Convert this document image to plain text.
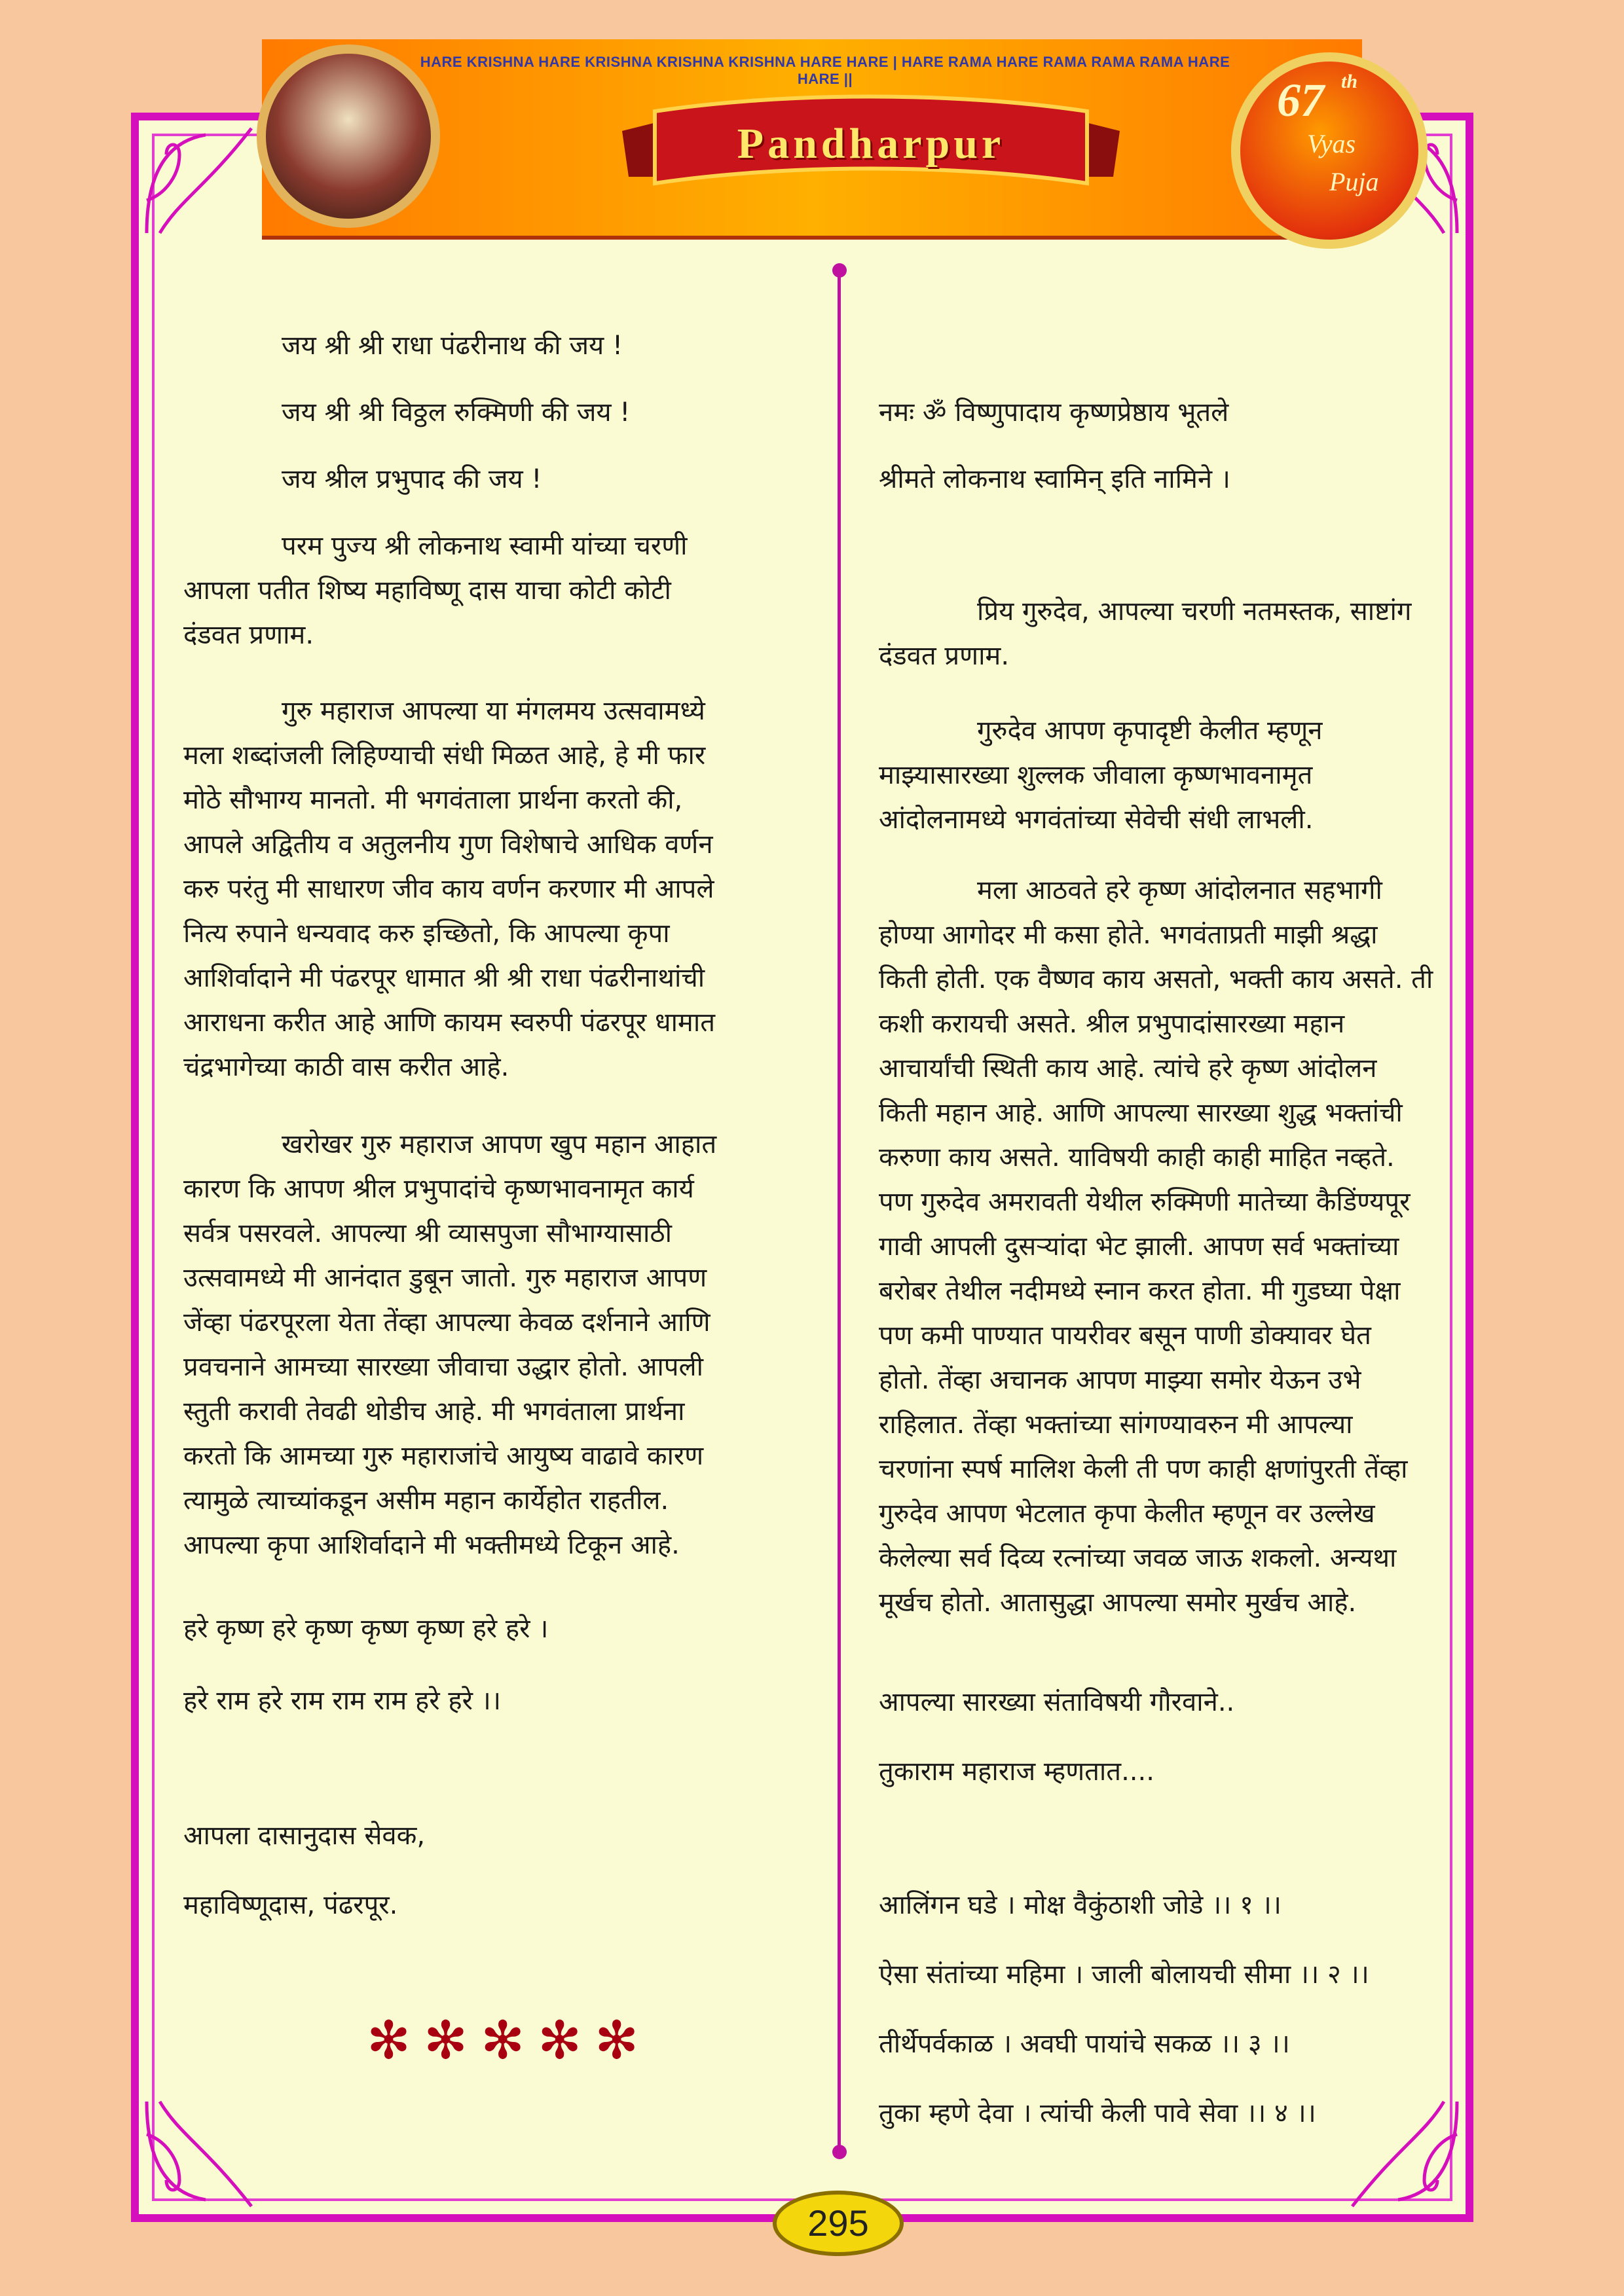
HARE KRISHNA HARE KRISHNA KRISHNA KRISHNA HARE HARE | HARE RAMA HARE RAMA RAMA RAMA HARE HARE ||
Pandharpur
67 th
Vyas
Puja
जय श्री श्री राधा पंढरीनाथ की जय !
जय श्री श्री विठ्ठल रुक्मिणी की जय !
जय श्रील प्रभुपाद की जय !

परम पुज्य श्री लोकनाथ स्वामी यांच्या चरणी

आपला पतीत शिष्य महाविष्णू दास याचा कोटी कोटी

दंडवत प्रणाम.

गुरु महाराज आपल्या या मंगलमय उत्सवामध्ये

मला शब्दांजली लिहिण्याची संधी मिळत आहे, हे मी फार

मोठे सौभाग्य मानतो. मी भगवंताला प्रार्थना करतो की,

आपले अद्वितीय व अतुलनीय गुण विशेषाचे आधिक वर्णन

करु परंतु मी साधारण जीव काय वर्णन करणार मी आपले

नित्य रुपाने धन्यवाद करु इच्छितो, कि आपल्या कृपा

आशिर्वादाने मी पंढरपूर धामात श्री श्री राधा पंढरीनाथांची

आराधना करीत आहे आणि कायम स्वरुपी पंढरपूर धामात

चंद्रभागेच्या काठी वास करीत आहे.

खरोखर गुरु महाराज आपण खुप महान आहात

कारण कि आपण श्रील प्रभुपादांचे कृष्णभावनामृत कार्य

सर्वत्र पसरवले. आपल्या श्री व्यासपुजा सौभाग्यासाठी

उत्सवामध्ये मी आनंदात डुबून जातो. गुरु महाराज आपण

जेंव्हा पंढरपूरला येता तेंव्हा आपल्या केवळ दर्शनाने आणि

प्रवचनाने आमच्या सारख्या जीवाचा उद्धार होतो. आपली

स्तुती करावी तेवढी थोडीच आहे. मी भगवंताला प्रार्थना

करतो कि आमच्या गुरु महाराजांचे आयुष्य वाढावे कारण

त्यामुळे त्याच्यांकडून असीम महान कार्येहोत राहतील.

आपल्या कृपा आशिर्वादाने मी भक्तीमध्ये टिकून आहे.

हरे कृष्ण हरे कृष्ण कृष्ण कृष्ण हरे हरे ।
हरे राम हरे राम राम राम हरे हरे ।।
आपला दासानुदास सेवक,
महाविष्णूदास, पंढरपूर.
✻✻✻✻✻
नमः ॐ विष्णुपादाय कृष्णप्रेष्ठाय भूतले
श्रीमते लोकनाथ स्वामिन् इति नामिने ।

प्रिय गुरुदेव, आपल्या चरणी नतमस्तक, साष्टांग

दंडवत प्रणाम.

गुरुदेव आपण कृपादृष्टी केलीत म्हणून

माझ्यासारख्या शुल्लक जीवाला कृष्णभावनामृत

आंदोलनामध्ये भगवंतांच्या सेवेची संधी लाभली.

मला आठवते हरे कृष्ण आंदोलनात सहभागी

होण्या आगोदर मी कसा होते. भगवंताप्रती माझी श्रद्धा

किती होती. एक वैष्णव काय असतो, भक्ती काय असते. ती

कशी करायची असते. श्रील प्रभुपादांसारख्या महान

आचार्यांची स्थिती काय आहे. त्यांचे हरे कृष्ण आंदोलन

किती महान आहे. आणि आपल्या सारख्या शुद्ध भक्तांची

करुणा काय असते. याविषयी काही काही माहित नव्हते.

पण गुरुदेव अमरावती येथील रुक्मिणी मातेच्या कैडिंण्यपूर

गावी आपली दुसऱ्यांदा भेट झाली. आपण सर्व भक्तांच्या

बरोबर तेथील नदीमध्ये स्नान करत होता. मी गुडघ्या पेक्षा

पण कमी पाण्यात पायरीवर बसून पाणी डोक्यावर घेत

होतो. तेंव्हा अचानक आपण माझ्या समोर येऊन उभे

राहिलात. तेंव्हा भक्तांच्या सांगण्यावरुन मी आपल्या

चरणांना स्पर्ष मालिश केली ती पण काही क्षणांपुरती तेंव्हा

गुरुदेव आपण भेटलात कृपा केलीत म्हणून वर उल्लेख

केलेल्या सर्व दिव्य रत्नांच्या जवळ जाऊ शकलो. अन्यथा

मूर्खच होतो. आतासुद्धा आपल्या समोर मुर्खच आहे.

आपल्या सारख्या संताविषयी गौरवाने..
तुकाराम महाराज म्हणतात....
आलिंगन घडे । मोक्ष वैकुंठाशी जोडे ।। १ ।।
ऐसा संतांच्या महिमा । जाली बोलायची सीमा ।। २ ।।
तीर्थेपर्वकाळ । अवघी पायांचे सकळ ।। ३ ।।
तुका म्हणे देवा । त्यांची केली पावे सेवा ।। ४ ।।
295
